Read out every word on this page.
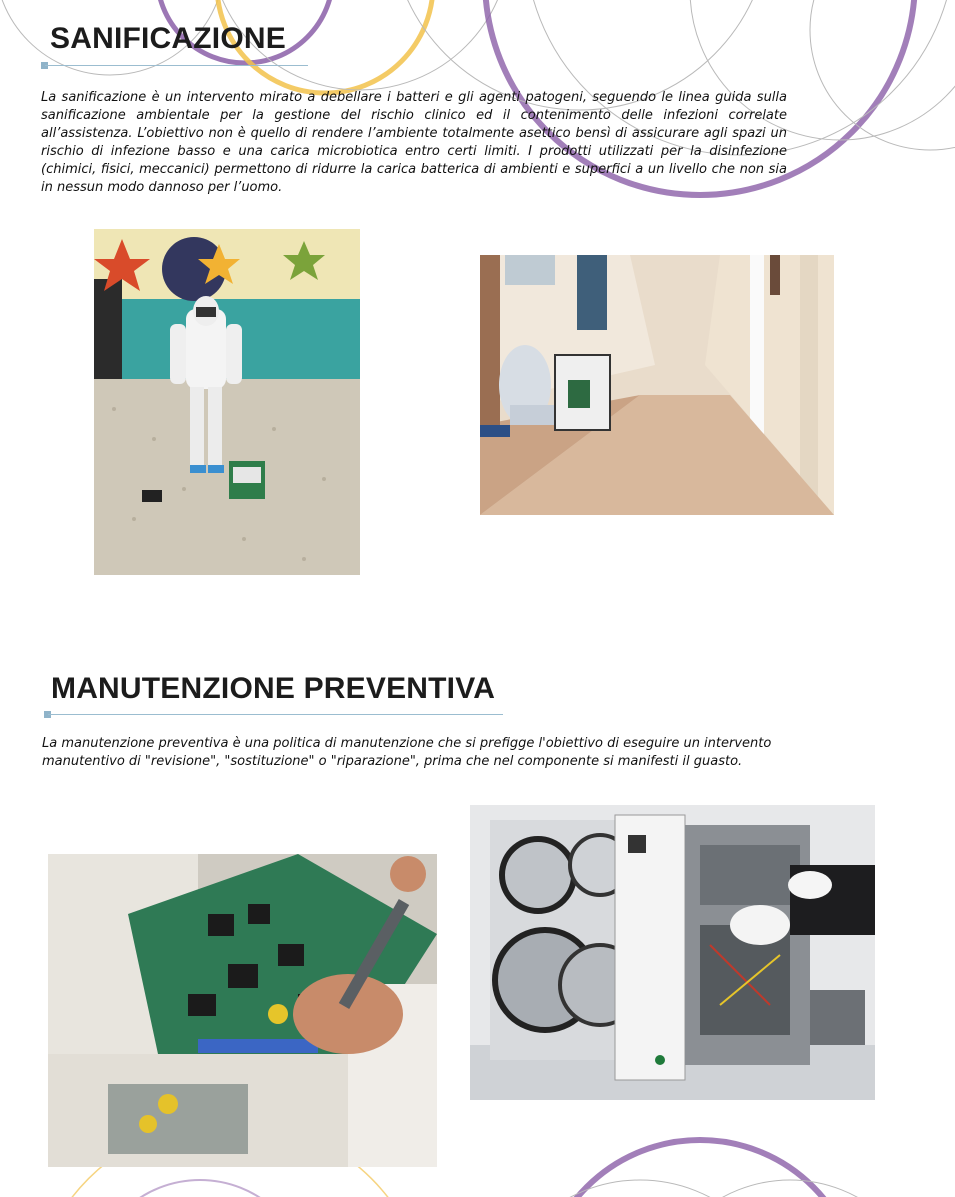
SANIFICAZIONE

La sanificazione è un intervento mirato a debellare i batteri e gli agenti patogeni, seguendo le linea guida sulla sanificazione ambientale per la gestione del rischio clinico ed il contenimento delle infezioni correlate all’assistenza. L’obiettivo non è quello di rendere l’ambiente totalmente asettico bensì di assicurare agli spazi un rischio di infezione basso e una carica microbiotica entro certi limiti. I prodotti utilizzati per la disinfezione (chimici, fisici, meccanici) permettono di ridurre la carica batterica di ambienti e superfici a un livello che non sia in nessun modo dannoso per l’uomo.

MANUTENZIONE PREVENTIVA

La manutenzione preventiva è una politica di manutenzione che si prefigge l'obiettivo di eseguire un intervento manutentivo di "revisione", "sostituzione" o "riparazione", prima che nel componente si manifesti il guasto.
